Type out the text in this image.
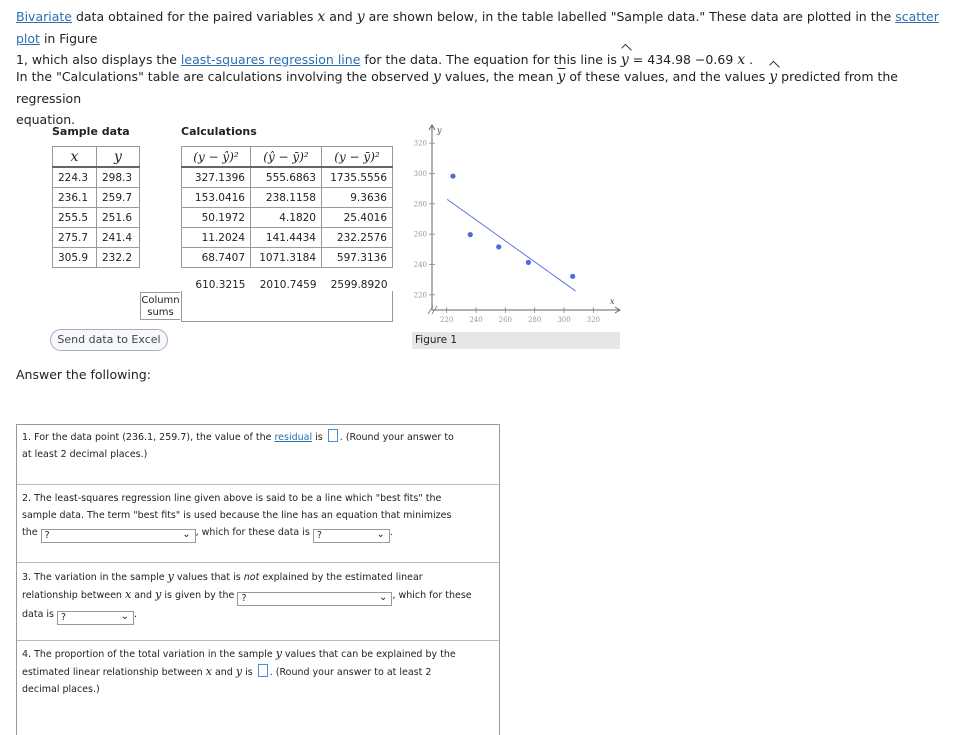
Bivariate data obtained for the paired variables x and y are shown below, in the table labelled "Sample data." These data are plotted in the scatter plot in Figure
1, which also displays the least-squares regression line for the data. The equation for this line is y = 434.98 −0.69 x .
In the "Calculations" table are calculations involving the observed y values, the mean $\overline{y}$ of these values, and the values y predicted from the regression
equation.
Sample data	Calculations
x	y
224.3	298.3
236.1	259.7
255.5	251.6
275.7	241.4
305.9	232.2
(y − ŷ)²	(ŷ − ȳ)²	(y − ȳ)²
327.1396	555.6863	1735.5556
153.0416	238.1158	9.3636
50.1972	4.1820	25.4016
11.2024	141.4434	232.2576
68.7407	1071.3184	597.3136
610.3215	2010.7459	2599.8920
Column sums
Send data to Excel
y
x
220
240
260
280
300
320
220 240 260 280 300 320
Figure 1
Answer the following:
1. For the data point (236.1, 259.7), the value of the residual is . (Round your answer to
at least 2 decimal places.)
2. The least-squares regression line given above is said to be a line which "best fits" the
sample data. The term "best fits" is used because the line has an equation that minimizes
the ?	⌄ , which for these data is ?	⌄ .
3. The variation in the sample y values that is not explained by the estimated linear
relationship between x and y is given by the ?	⌄ , which for these
data is ?	⌄ .
4. The proportion of the total variation in the sample y values that can be explained by the
estimated linear relationship between x and y is . (Round your answer to at least 2
decimal places.)
